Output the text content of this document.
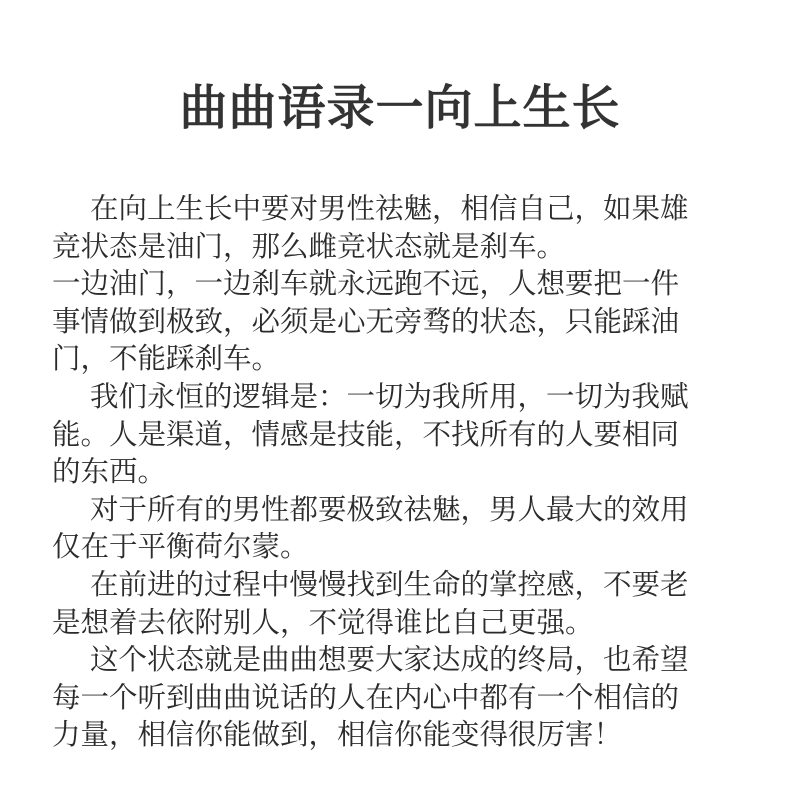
曲曲语录一向上生长
在向上生长中要对男性祛魅，相信自己，如果雄
竞状态是油门，那么雌竞状态就是刹车。
一边油门，一边刹车就永远跑不远，人想要把一件
事情做到极致，必须是心无旁骛的状态，只能踩油
门，不能踩刹车。
我们永恒的逻辑是：一切为我所用，一切为我赋
能。人是渠道，情感是技能，不找所有的人要相同
的东西。
对于所有的男性都要极致祛魅，男人最大的效用
仅在于平衡荷尔蒙。
在前进的过程中慢慢找到生命的掌控感，不要老
是想着去依附别人，不觉得谁比自己更强。
这个状态就是曲曲想要大家达成的终局，也希望
每一个听到曲曲说话的人在内心中都有一个相信的
力量，相信你能做到，相信你能变得很厉害！
